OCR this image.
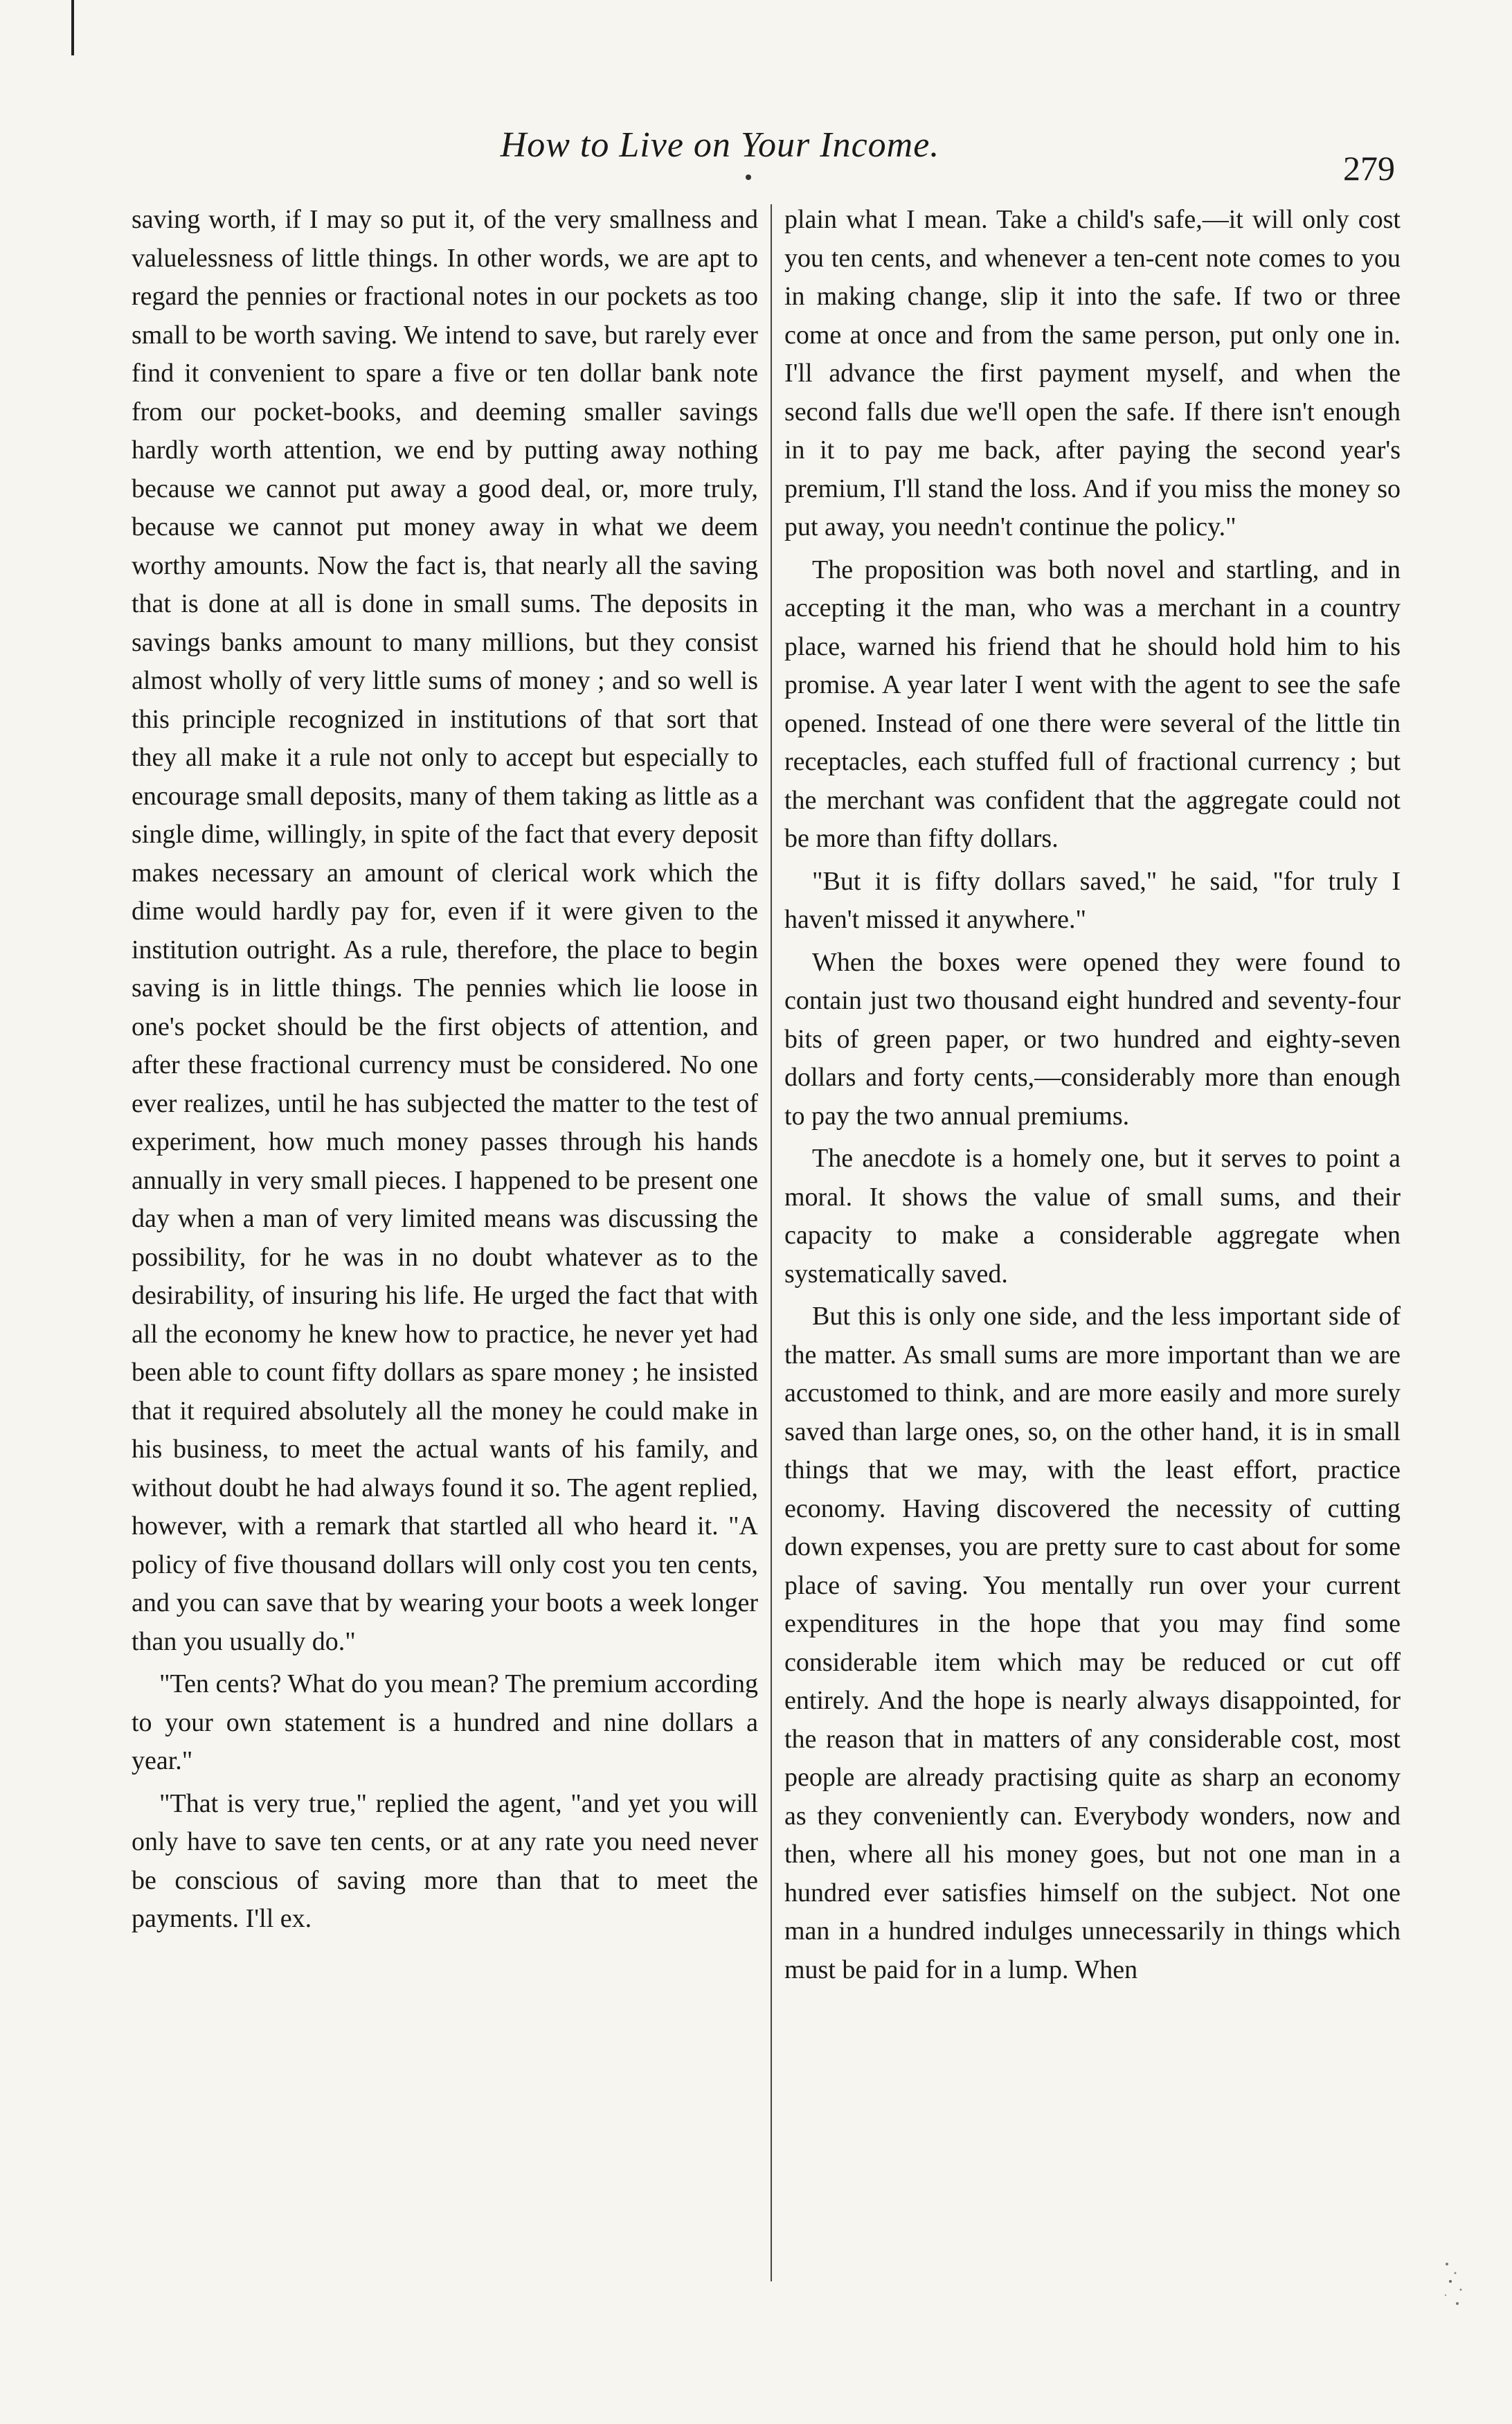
How to Live on Your Income.
279

saving worth, if I may so put it, of the very smallness and valuelessness of little things. In other words, we are apt to regard the pennies or fractional notes in our pockets as too small to be worth saving. We intend to save, but rarely ever find it convenient to spare a five or ten dollar bank note from our pocket-books, and deeming smaller savings hardly worth attention, we end by putting away nothing because we cannot put away a good deal, or, more truly, because we cannot put money away in what we deem worthy amounts. Now the fact is, that nearly all the saving that is done at all is done in small sums. The deposits in savings banks amount to many millions, but they consist almost wholly of very little sums of money ; and so well is this principle recognized in institutions of that sort that they all make it a rule not only to accept but especially to encourage small deposits, many of them taking as little as a single dime, willingly, in spite of the fact that every deposit makes necessary an amount of clerical work which the dime would hardly pay for, even if it were given to the institution outright. As a rule, therefore, the place to begin saving is in little things. The pennies which lie loose in one's pocket should be the first objects of attention, and after these fractional currency must be considered. No one ever realizes, until he has subjected the matter to the test of experiment, how much money passes through his hands annually in very small pieces. I happened to be present one day when a man of very limited means was discussing the possibility, for he was in no doubt whatever as to the desirability, of insuring his life. He urged the fact that with all the economy he knew how to practice, he never yet had been able to count fifty dollars as spare money ; he insisted that it required absolutely all the money he could make in his business, to meet the actual wants of his family, and without doubt he had always found it so. The agent replied, however, with a remark that startled all who heard it. "A policy of five thousand dollars will only cost you ten cents, and you can save that by wearing your boots a week longer than you usually do."

"Ten cents? What do you mean? The premium according to your own statement is a hundred and nine dollars a year."

"That is very true," replied the agent, "and yet you will only have to save ten cents, or at any rate you need never be conscious of saving more than that to meet the payments. I'll ex.

plain what I mean. Take a child's safe,—it will only cost you ten cents, and whenever a ten-cent note comes to you in making change, slip it into the safe. If two or three come at once and from the same person, put only one in. I'll advance the first payment myself, and when the second falls due we'll open the safe. If there isn't enough in it to pay me back, after paying the second year's premium, I'll stand the loss. And if you miss the money so put away, you needn't continue the policy."

The proposition was both novel and startling, and in accepting it the man, who was a merchant in a country place, warned his friend that he should hold him to his promise. A year later I went with the agent to see the safe opened. Instead of one there were several of the little tin receptacles, each stuffed full of fractional currency ; but the merchant was confident that the aggregate could not be more than fifty dollars.

"But it is fifty dollars saved," he said, "for truly I haven't missed it anywhere."

When the boxes were opened they were found to contain just two thousand eight hundred and seventy-four bits of green paper, or two hundred and eighty-seven dollars and forty cents,—considerably more than enough to pay the two annual premiums.

The anecdote is a homely one, but it serves to point a moral. It shows the value of small sums, and their capacity to make a considerable aggregate when systematically saved.

But this is only one side, and the less important side of the matter. As small sums are more important than we are accustomed to think, and are more easily and more surely saved than large ones, so, on the other hand, it is in small things that we may, with the least effort, practice economy. Having discovered the necessity of cutting down expenses, you are pretty sure to cast about for some place of saving. You mentally run over your current expenditures in the hope that you may find some considerable item which may be reduced or cut off entirely. And the hope is nearly always disappointed, for the reason that in matters of any considerable cost, most people are already practising quite as sharp an economy as they conveniently can. Everybody wonders, now and then, where all his money goes, but not one man in a hundred ever satisfies himself on the subject. Not one man in a hundred indulges unnecessarily in things which must be paid for in a lump. When
